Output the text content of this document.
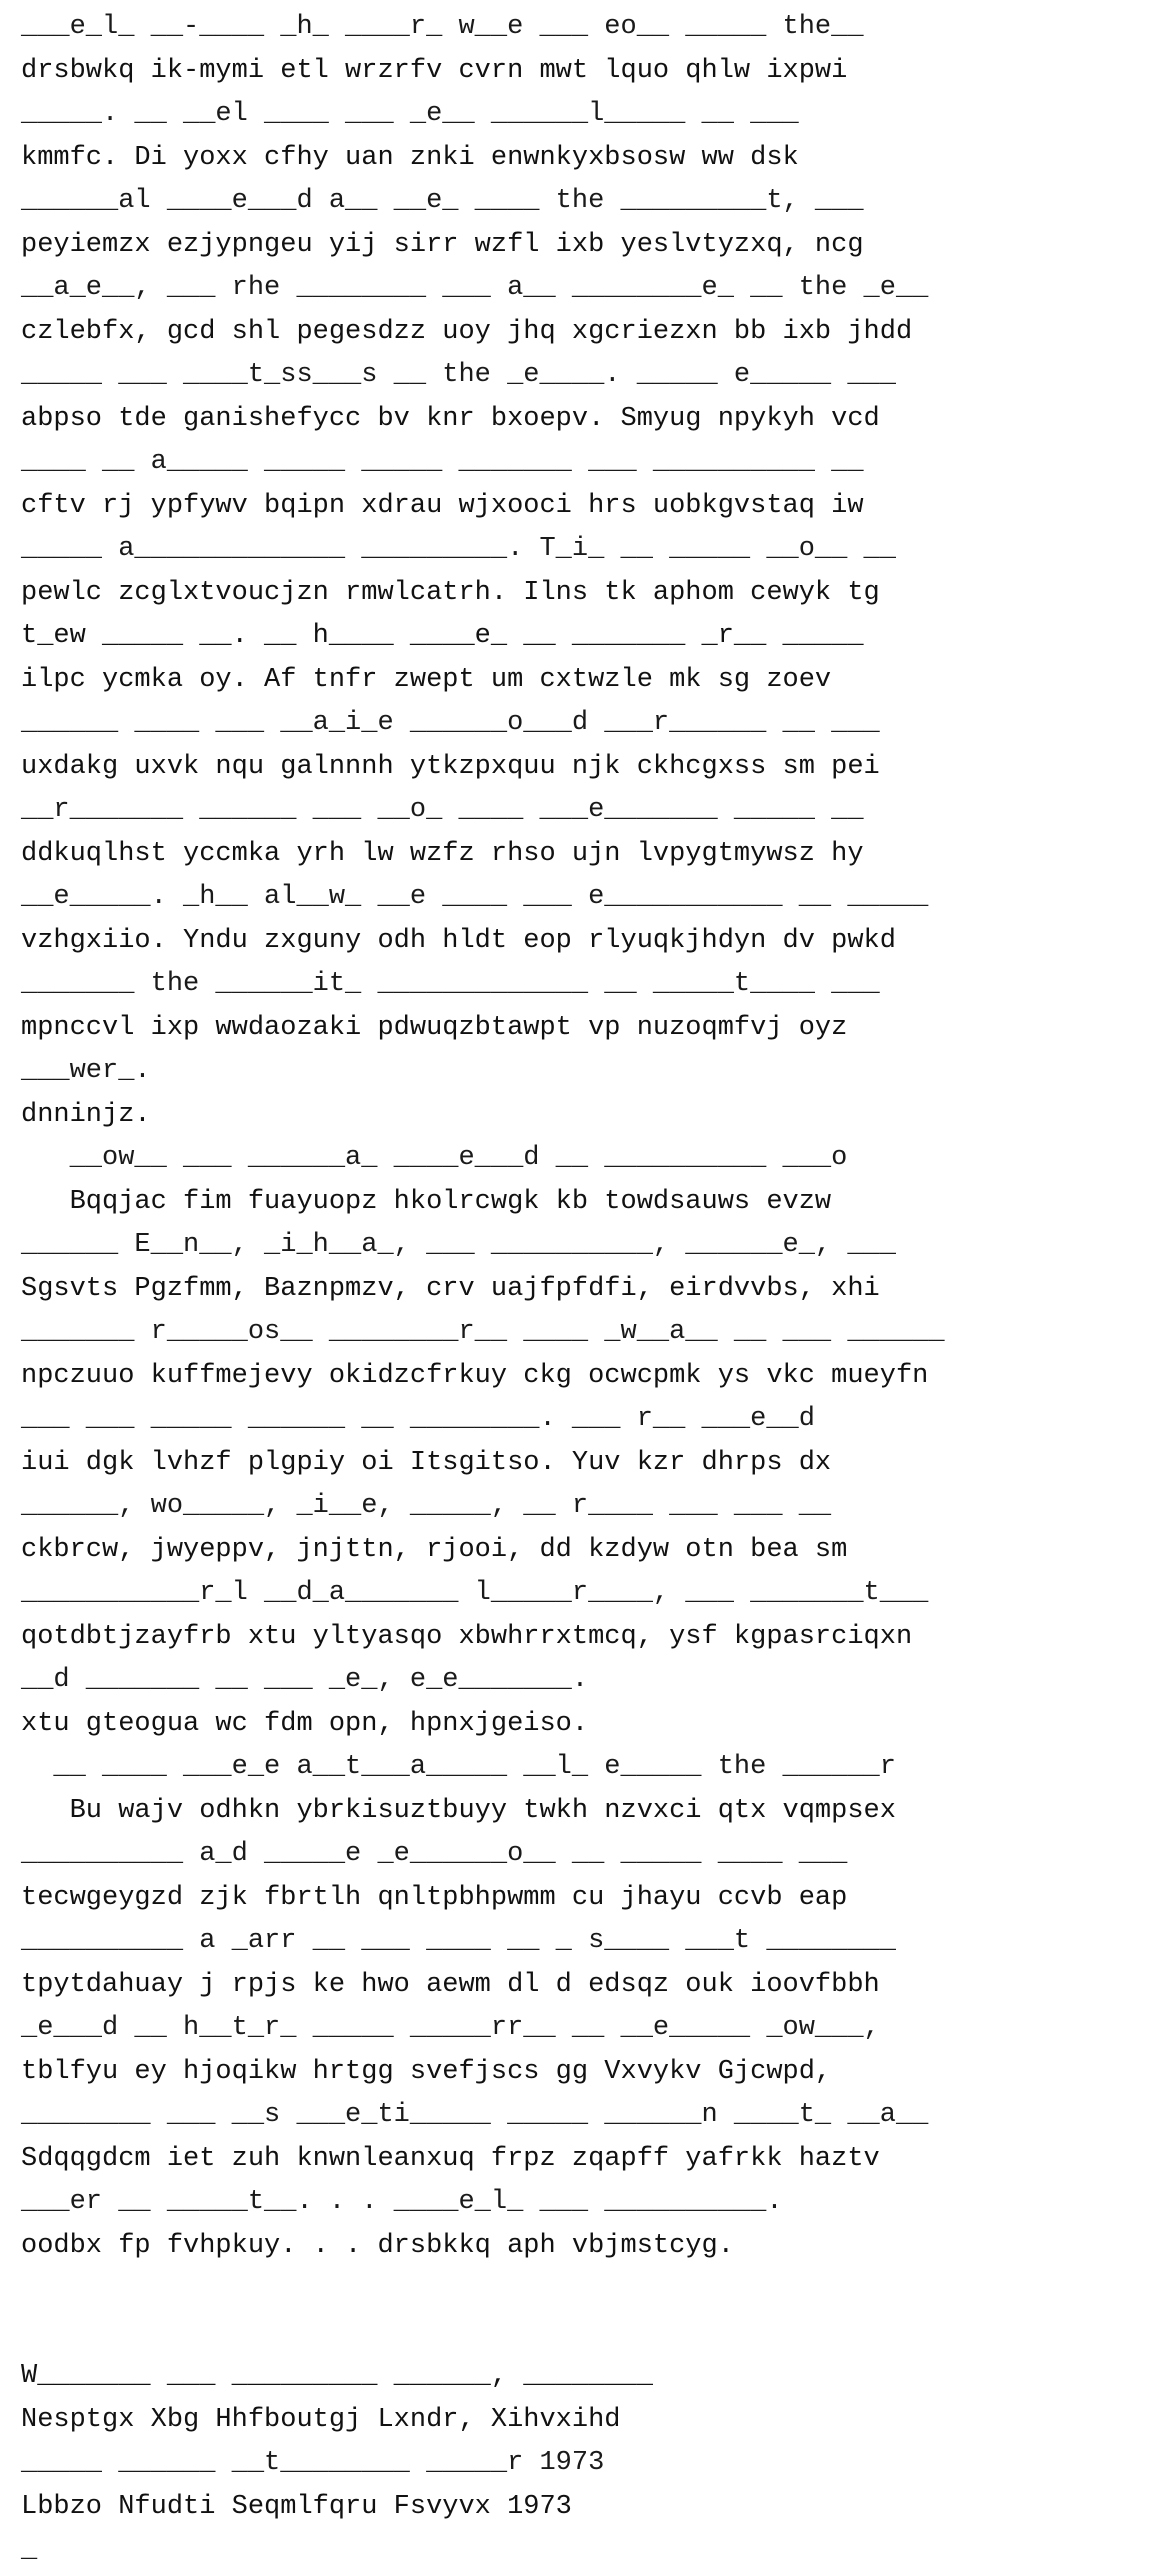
___e_l_ __-____ _h_ ____r_ w__e ___ eo__ _____ the__
drsbwkq ik-mymi etl wrzrfv cvrn mwt lquo qhlw ixpwi
_____. __ __el ____ ___ _e__ ______l_____ __ ___
kmmfc. Di yoxx cfhy uan znki enwnkyxbsosw ww dsk
______al ____e___d a__ __e_ ____ the _________t, ___
peyiemzx ezjypngeu yij sirr wzfl ixb yeslvtyzxq, ncg
__a_e__, ___ rhe ________ ___ a__ ________e_ __ the _e__
czlebfx, gcd shl pegesdzz uoy jhq xgcriezxn bb ixb jhdd
_____ ___ ____t_ss___s __ the _e____. _____ e_____ ___
abpso tde ganishefycc bv knr bxoepv. Smyug npykyh vcd
____ __ a_____ _____ _____ _______ ___ __________ __
cftv rj ypfywv bqipn xdrau wjxooci hrs uobkgvstaq iw
_____ a_____________ _________. T_i_ __ _____ __o__ __
pewlc zcglxtvoucjzn rmwlcatrh. Ilns tk aphom cewyk tg
t_ew _____ __. __ h____ ____e_ __ _______ _r__ _____
ilpc ycmka oy. Af tnfr zwept um cxtwzle mk sg zoev
______ ____ ___ __a_i_e ______o___d ___r______ __ ___
uxdakg uxvk nqu galnnnh ytkzpxquu njk ckhcgxss sm pei
__r_______ ______ ___ __o_ ____ ___e_______ _____ __
ddkuqlhst yccmka yrh lw wzfz rhso ujn lvpygtmywsz hy
__e_____. _h__ al__w_ __e ____ ___ e___________ __ _____
vzhgxiio. Yndu zxguny odh hldt eop rlyuqkjhdyn dv pwkd
_______ the ______it_ _____________ __ _____t____ ___
mpnccvl ixp wwdaozaki pdwuqzbtawpt vp nuzoqmfvj oyz
___wer_.
dnninjz.
__ow__ ___ ______a_ ____e___d __ __________ ___o
Bqqjac fim fuayuopz hkolrcwgk kb towdsauws evzw
______ E__n__, _i_h__a_, ___ __________, ______e_, ___
Sgsvts Pgzfmm, Baznpmzv, crv uajfpfdfi, eirdvvbs, xhi
_______ r_____os__ ________r__ ____ _w__a__ __ ___ ______
npczuuo kuffmejevy okidzcfrkuy ckg ocwcpmk ys vkc mueyfn
___ ___ _____ ______ __ ________. ___ r__ ___e__d
iui dgk lvhzf plgpiy oi Itsgitso. Yuv kzr dhrps dx
______, wo_____, _i__e, _____, __ r____ ___ ___ __
ckbrcw, jwyeppv, jnjttn, rjooi, dd kzdyw otn bea sm
___________r_l __d_a_______ l_____r____, ___ _______t___
qotdbtjzayfrb xtu yltyasqo xbwhrrxtmcq, ysf kgpasrciqxn
__d _______ __ ___ _e_, e_e_______.
xtu gteogua wc fdm opn, hpnxjgeiso.
__ ____ ___e_e a__t___a_____ __l_ e_____ the ______r
Bu wajv odhkn ybrkisuztbuyy twkh nzvxci qtx vqmpsex
__________ a_d _____e _e______o__ __ _____ ____ ___
tecwgeygzd zjk fbrtlh qnltpbhpwmm cu jhayu ccvb eap
__________ a _arr __ ___ ____ __ _ s____ ___t ________
tpytdahuay j rpjs ke hwo aewm dl d edsqz ouk ioovfbbh
_e___d __ h__t_r_ _____ _____rr__ __ __e_____ _ow___,
tblfyu ey hjoqikw hrtgg svefjscs gg Vxvykv Gjcwpd,
________ ___ __s ___e_ti_____ _____ ______n ____t_ __a__
Sdqqgdcm iet zuh knwnleanxuq frpz zqapff yafrkk haztv
___er __ _____t__. . . ____e_l_ ___ __________.
oodbx fp fvhpkuy. . . drsbkkq aph vbjmstcyg.
W_______ ___ _________ ______, ________
Nesptgx Xbg Hhfboutgj Lxndr, Xihvxihd
_____ ______ __t________ _____r 1973
Lbbzo Nfudti Seqmlfqru Fsvyvx 1973
_
